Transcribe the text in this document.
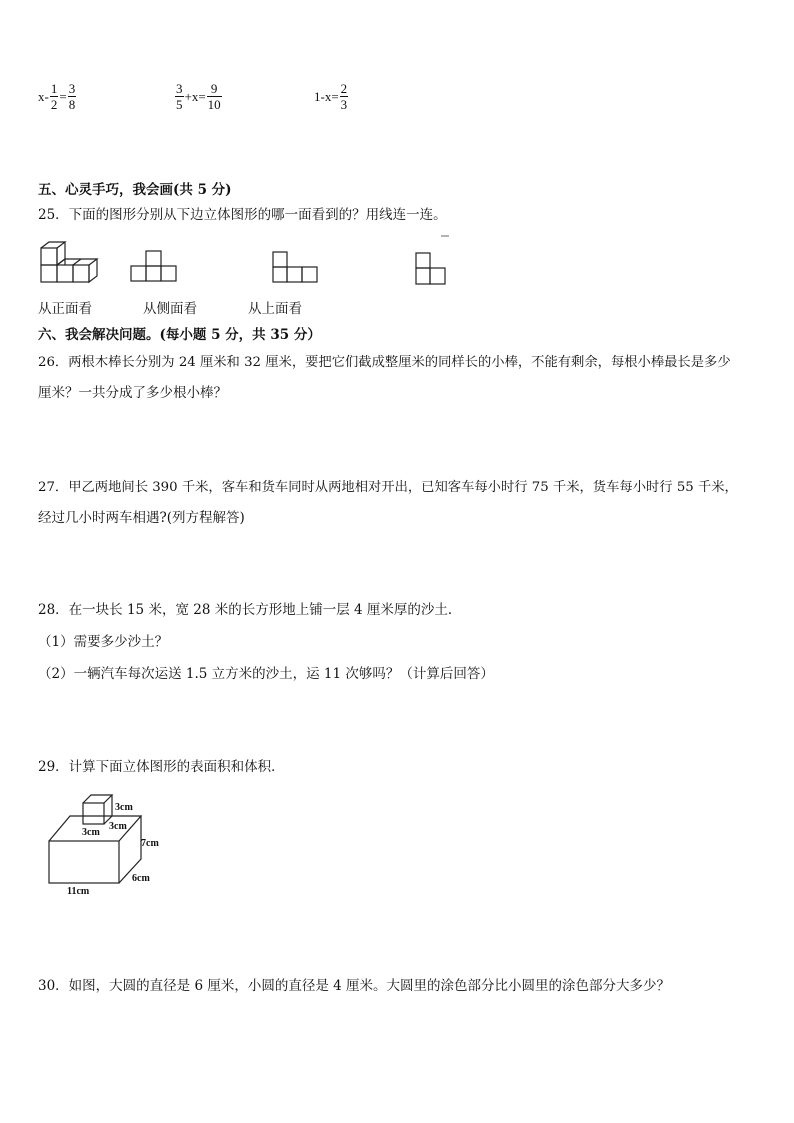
$x- \frac{1}{2} = \frac{3}{8}$	$\frac{3}{5} +x= \frac{9}{10}$	$1-x= \frac{2}{3}$
五、心灵手巧，我会画(共 5 分)
25．下面的图形分别从下边立体图形的哪一面看到的？用线连一连。
从正面看	从侧面看	从上面看
六、我会解决问题。(每小题 5 分，共 35 分）
26．两根木棒长分别为 24 厘米和 32 厘米，要把它们截成整厘米的同样长的小棒，不能有剩余，每根小棒最长是多少
厘米？一共分成了多少根小棒？
27．甲乙两地间长 390 千米，客车和货车同时从两地相对开出，已知客车每小时行 75 千米，货车每小时行 55 千米，
经过几小时两车相遇?(列方程解答)
28．在一块长 15 米，宽 28 米的长方形地上铺一层 4 厘米厚的沙土．
（1）需要多少沙土？
（2）一辆汽车每次运送 1.5 立方米的沙土，运 11 次够吗？（计算后回答）
29．计算下面立体图形的表面积和体积．
3cm
3cm
3cm
7cm
6cm
11cm
30．如图，大圆的直径是 6 厘米，小圆的直径是 4 厘米。大圆里的涂色部分比小圆里的涂色部分大多少？
